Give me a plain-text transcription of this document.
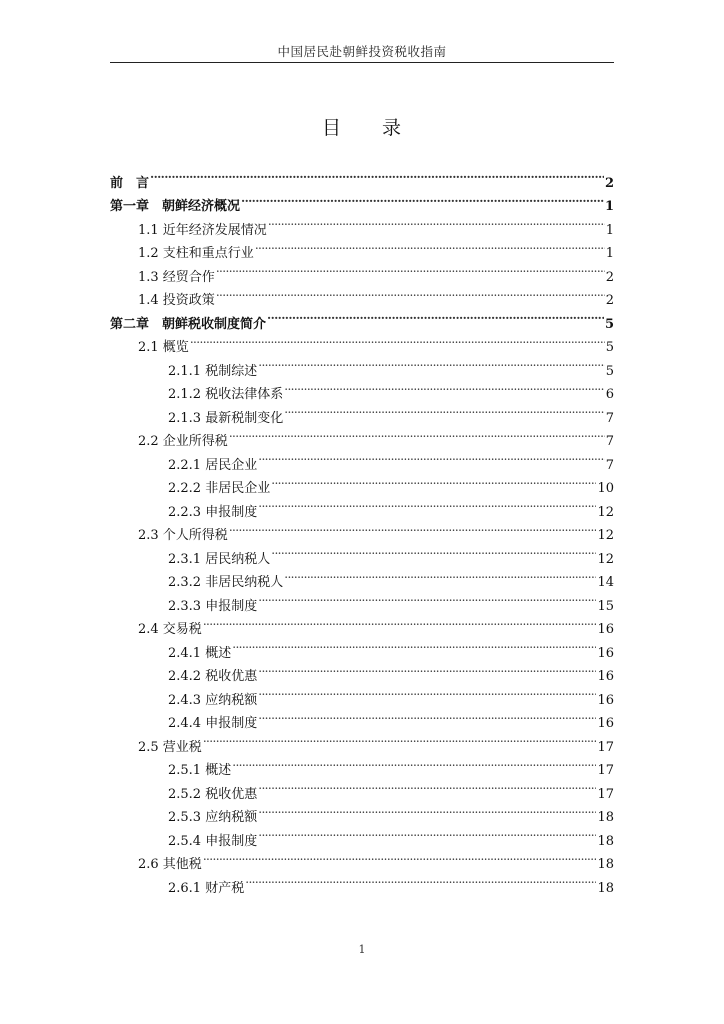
中国居民赴朝鲜投资税收指南
目 录
前　言 . . .	2
第一章　朝鲜经济概况 . . .	1
1.1 近年经济发展情况 . . .	1
1.2 支柱和重点行业 . . .	1
1.3 经贸合作 . . .	2
1.4 投资政策 . . .	2
第二章　朝鲜税收制度简介 . . .	5
2.1 概览 . . .	5
2.1.1 税制综述 . . .	5
2.1.2 税收法律体系 . . .	6
2.1.3 最新税制变化 . . .	7
2.2 企业所得税 . . .	7
2.2.1 居民企业 . . .	7
2.2.2 非居民企业 . . .	10
2.2.3 申报制度 . . .	12
2.3 个人所得税 . . .	12
2.3.1 居民纳税人 . . .	12
2.3.2 非居民纳税人 . . .	14
2.3.3 申报制度 . . .	15
2.4 交易税 . . .	16
2.4.1 概述 . . .	16
2.4.2 税收优惠 . . .	16
2.4.3 应纳税额 . . .	16
2.4.4 申报制度 . . .	16
2.5 营业税 . . .	17
2.5.1 概述 . . .	17
2.5.2 税收优惠 . . .	17
2.5.3 应纳税额 . . .	18
2.5.4 申报制度 . . .	18
2.6 其他税 . . .	18
2.6.1 财产税 . . .	18
1
